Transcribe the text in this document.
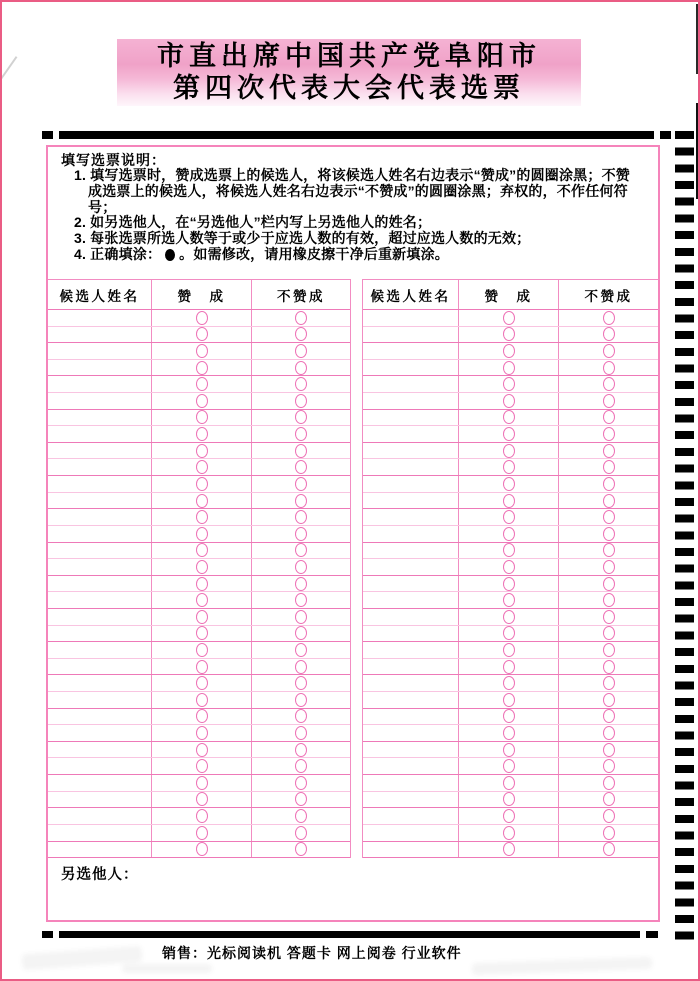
市直出席中国共产党阜阳市
第四次代表大会代表选票
填写选票说明：
1. 填写选票时，赞成选票上的候选人，将该候选人姓名右边表示“赞成”的圆圈涂黑；不赞成选票上的候选人，将候选人姓名右边表示“不赞成”的圆圈涂黑；弃权的，不作任何符号；
2. 如另选他人，在“另选他人”栏内写上另选他人的姓名；
3. 每张选票所选人数等于或少于应选人数的有效，超过应选人数的无效；
4. 正确填涂： 。如需修改，请用橡皮擦干净后重新填涂。
候选人姓名	赞　成	不赞成	候选人姓名	赞　成	不赞成
另选他人：
销售：光标阅读机 答题卡 网上阅卷 行业软件
